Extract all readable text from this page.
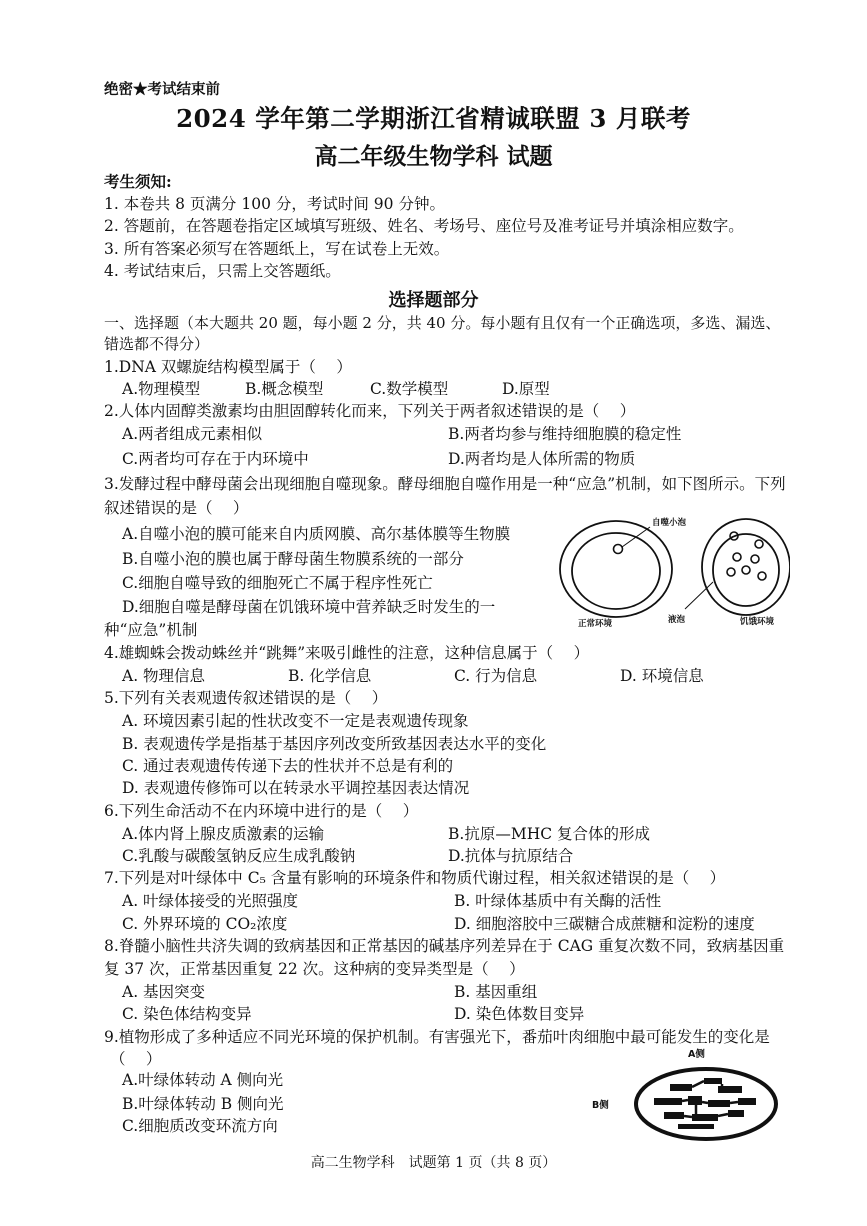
绝密★考试结束前
2024 学年第二学期浙江省精诚联盟 3 月联考
高二年级生物学科 试题
考生须知:
1. 本卷共 8 页满分 100 分，考试时间 90 分钟。
2. 答题前，在答题卷指定区域填写班级、姓名、考场号、座位号及准考证号并填涂相应数字。
3. 所有答案必须写在答题纸上，写在试卷上无效。
4. 考试结束后，只需上交答题纸。
选择题部分
一、选择题（本大题共 20 题，每小题 2 分，共 40 分。每小题有且仅有一个正确选项，多选、漏选、
错选都不得分）
1.DNA 双螺旋结构模型属于（　 ）
A.物理模型	B.概念模型	C.数学模型	D.原型
2.人体内固醇类激素均由胆固醇转化而来，下列关于两者叙述错误的是（　 ）
A.两者组成元素相似	B.两者均参与维持细胞膜的稳定性
C.两者均可存在于内环境中	D.两者均是人体所需的物质
3.发酵过程中酵母菌会出现细胞自噬现象。酵母细胞自噬作用是一种“应急”机制，如下图所示。下列
叙述错误的是（　 ）
A.自噬小泡的膜可能来自内质网膜、高尔基体膜等生物膜
B.自噬小泡的膜也属于酵母菌生物膜系统的一部分
C.细胞自噬导致的细胞死亡不属于程序性死亡
D.细胞自噬是酵母菌在饥饿环境中营养缺乏时发生的一
种“应急”机制
自噬小泡
正常环境	液泡	饥饿环境
4.雄蜘蛛会拨动蛛丝并“跳舞”来吸引雌性的注意，这种信息属于（　 ）
A. 物理信息	B. 化学信息	C. 行为信息	D. 环境信息
5.下列有关表观遗传叙述错误的是（　 ）
A. 环境因素引起的性状改变不一定是表观遗传现象
B. 表观遗传学是指基于基因序列改变所致基因表达水平的变化
C. 通过表观遗传传递下去的性状并不总是有利的
D. 表观遗传修饰可以在转录水平调控基因表达情况
6.下列生命活动不在内环境中进行的是（　 ）
A.体内肾上腺皮质激素的运输	B.抗原—MHC 复合体的形成
C.乳酸与碳酸氢钠反应生成乳酸钠	D.抗体与抗原结合
7.下列是对叶绿体中 C₅ 含量有影响的环境条件和物质代谢过程，相关叙述错误的是（　 ）
A. 叶绿体接受的光照强度	B. 叶绿体基质中有关酶的活性
C. 外界环境的 CO₂浓度	D. 细胞溶胶中三碳糖合成蔗糖和淀粉的速度
8.脊髓小脑性共济失调的致病基因和正常基因的碱基序列差异在于 CAG 重复次数不同，致病基因重
复 37 次，正常基因重复 22 次。这种病的变异类型是（　 ）
A. 基因突变	B. 基因重组
C. 染色体结构变异	D. 染色体数目变异
9.植物形成了多种适应不同光环境的保护机制。有害强光下，番茄叶肉细胞中最可能发生的变化是
（　 ）
A.叶绿体转动 A 侧向光
B.叶绿体转动 B 侧向光
C.细胞质改变环流方向
A侧
B侧
高二生物学科　试题第 1 页（共 8 页）
